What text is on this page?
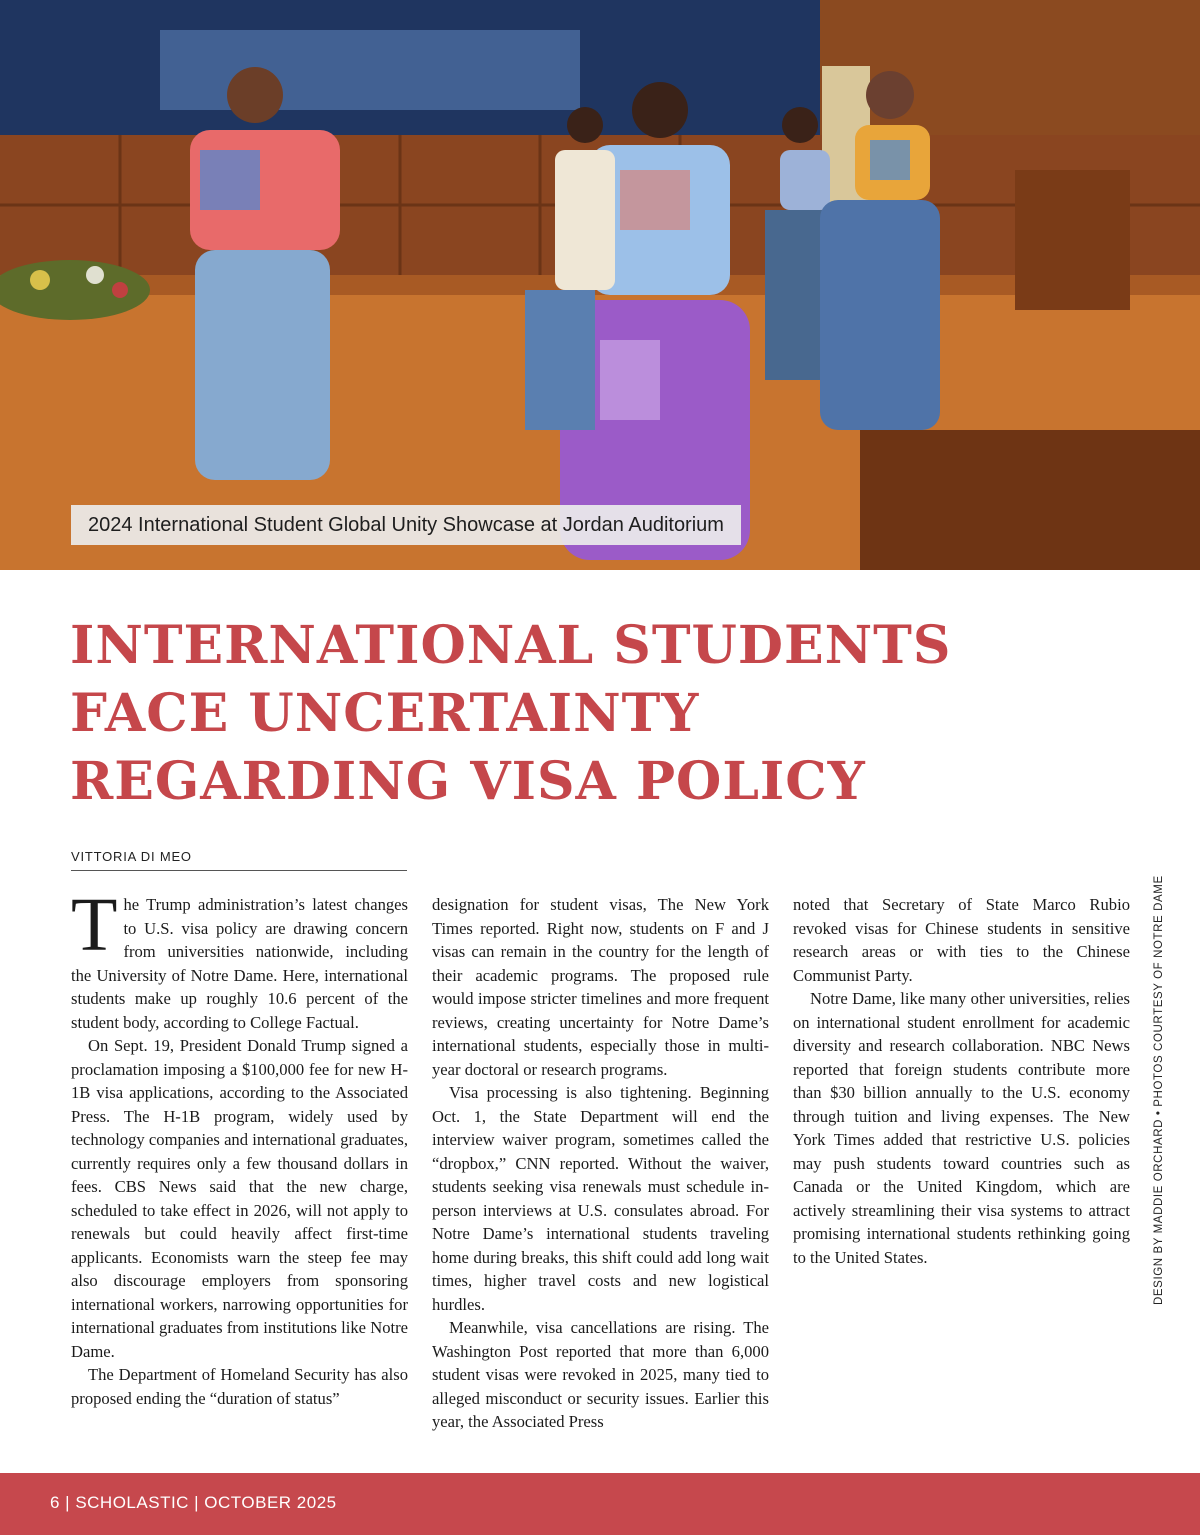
2024 International Student Global Unity Showcase at Jordan Auditorium
INTERNATIONAL STUDENTS
FACE UNCERTAINTY
REGARDING VISA POLICY
VITTORIA DI MEO

The Trump administration’s latest changes to U.S. visa policy are drawing concern from universities nationwide, including the University of Notre Dame. Here, international students make up roughly 10.6 percent of the student body, according to College Factual.

On Sept. 19, President Donald Trump signed a proclamation imposing a $100,000 fee for new H-1B visa applications, according to the Associated Press. The H-1B program, widely used by technology companies and international graduates, currently requires only a few thousand dollars in fees. CBS News said that the new charge, scheduled to take effect in 2026, will not apply to renewals but could heavily affect first-time applicants. Economists warn the steep fee may also discourage employers from sponsoring international workers, narrowing opportunities for international graduates from institutions like Notre Dame.

The Department of Homeland Security has also proposed ending the “duration of status”

designation for student visas, The New York Times reported. Right now, students on F and J visas can remain in the country for the length of their academic programs. The proposed rule would impose stricter timelines and more frequent reviews, creating uncertainty for Notre Dame’s international students, especially those in multi-year doctoral or research programs.

Visa processing is also tightening. Beginning Oct. 1, the State Department will end the interview waiver program, sometimes called the “dropbox,” CNN reported. Without the waiver, students seeking visa renewals must schedule in-person interviews at U.S. consulates abroad. For Notre Dame’s international students traveling home during breaks, this shift could add long wait times, higher travel costs and new logistical hurdles.

Meanwhile, visa cancellations are rising. The Washington Post reported that more than 6,000 student visas were revoked in 2025, many tied to alleged misconduct or security issues. Earlier this year, the Associated Press

noted that Secretary of State Marco Rubio revoked visas for Chinese students in sensitive research areas or with ties to the Chinese Communist Party.

Notre Dame, like many other universities, relies on international student enrollment for academic diversity and research collaboration. NBC News reported that foreign students contribute more than $30 billion annually to the U.S. economy through tuition and living expenses. The New York Times added that restrictive U.S. policies may push students toward countries such as Canada or the United Kingdom, which are actively streamlining their visa systems to attract promising international students rethinking going to the United States.	DESIGN BY MADDIE ORCHARD • PHOTOS COURTESY OF NOTRE DAME
6 | SCHOLASTIC | OCTOBER 2025
